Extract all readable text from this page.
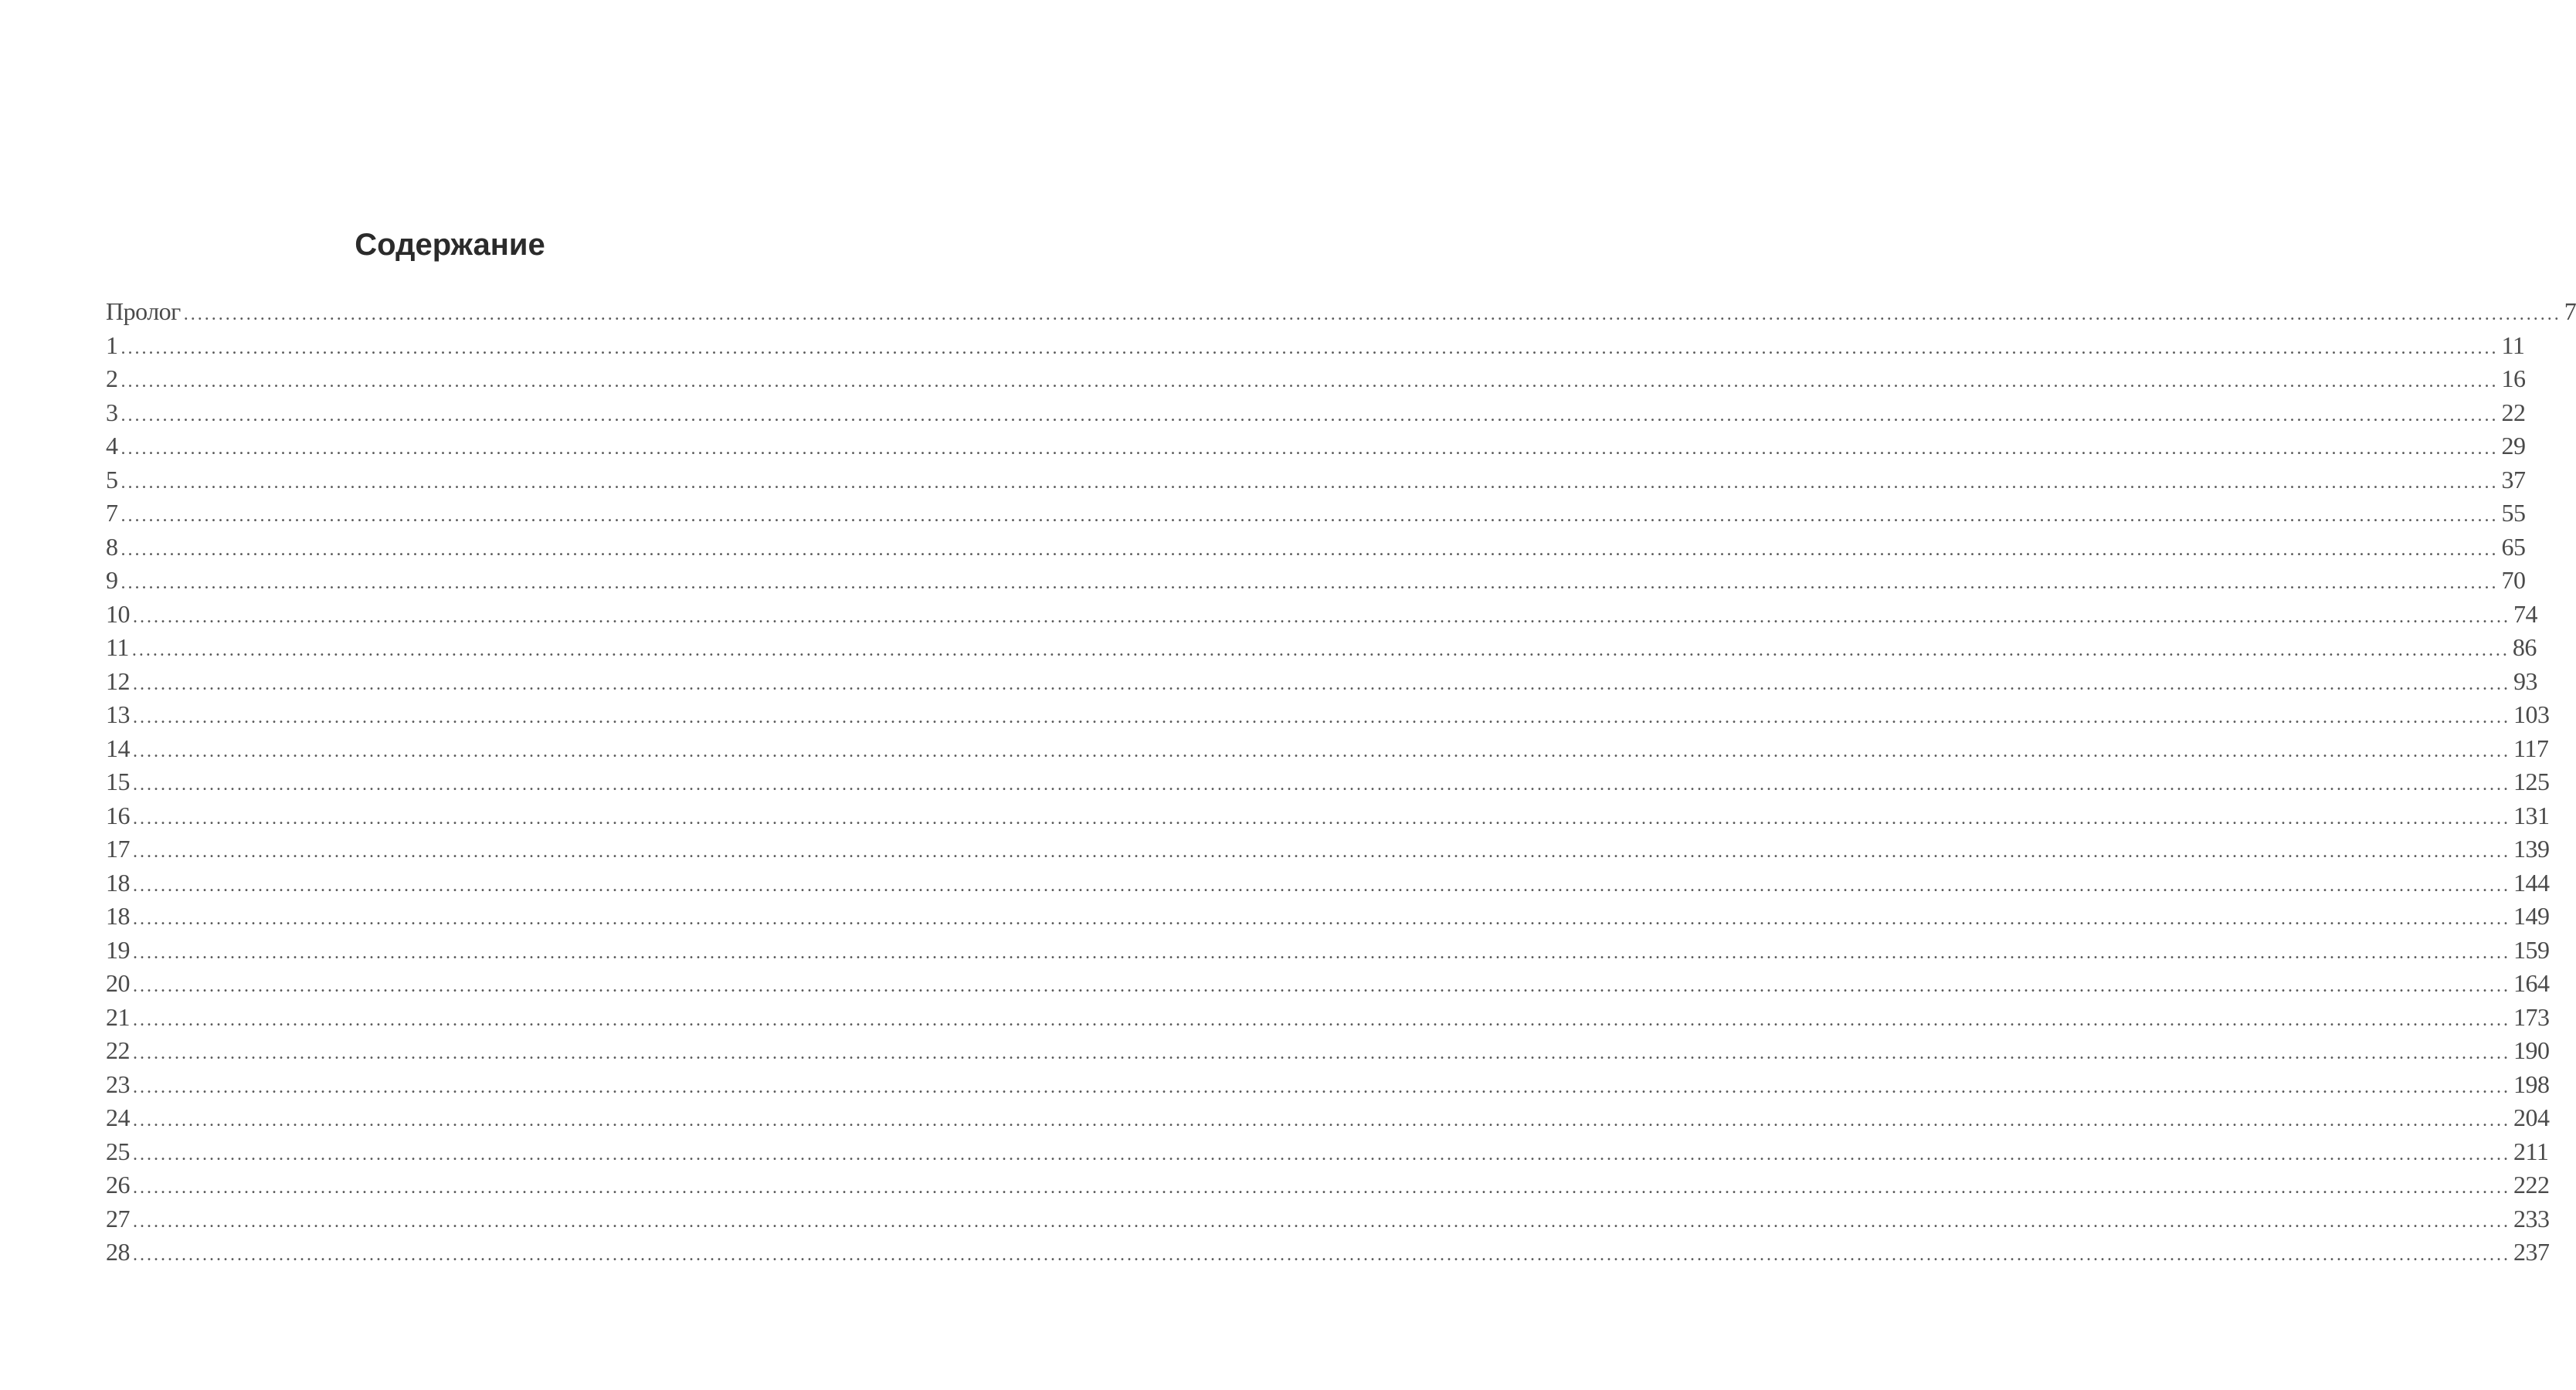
Содержание
Пролог ...................................................................................................................................................................................................................................................................................................................................................... 7
1 ...................................................................................................................................................................................................................................................................................................................................................... 11
2 ...................................................................................................................................................................................................................................................................................................................................................... 16
3 ...................................................................................................................................................................................................................................................................................................................................................... 22
4 ...................................................................................................................................................................................................................................................................................................................................................... 29
5 ...................................................................................................................................................................................................................................................................................................................................................... 37
7 ...................................................................................................................................................................................................................................................................................................................................................... 55
8 ...................................................................................................................................................................................................................................................................................................................................................... 65
9 ...................................................................................................................................................................................................................................................................................................................................................... 70
10 ...................................................................................................................................................................................................................................................................................................................................................... 74
11 ...................................................................................................................................................................................................................................................................................................................................................... 86
12 ...................................................................................................................................................................................................................................................................................................................................................... 93
13 ...................................................................................................................................................................................................................................................................................................................................................... 103
14 ...................................................................................................................................................................................................................................................................................................................................................... 117
15 ...................................................................................................................................................................................................................................................................................................................................................... 125
16 ...................................................................................................................................................................................................................................................................................................................................................... 131
17 ...................................................................................................................................................................................................................................................................................................................................................... 139
18 ...................................................................................................................................................................................................................................................................................................................................................... 144
18 ...................................................................................................................................................................................................................................................................................................................................................... 149
19 ...................................................................................................................................................................................................................................................................................................................................................... 159
20 ...................................................................................................................................................................................................................................................................................................................................................... 164
21 ...................................................................................................................................................................................................................................................................................................................................................... 173
22 ...................................................................................................................................................................................................................................................................................................................................................... 190
23 ...................................................................................................................................................................................................................................................................................................................................................... 198
24 ...................................................................................................................................................................................................................................................................................................................................................... 204
25 ...................................................................................................................................................................................................................................................................................................................................................... 211
26 ...................................................................................................................................................................................................................................................................................................................................................... 222
27 ...................................................................................................................................................................................................................................................................................................................................................... 233
28 ...................................................................................................................................................................................................................................................................................................................................................... 237
